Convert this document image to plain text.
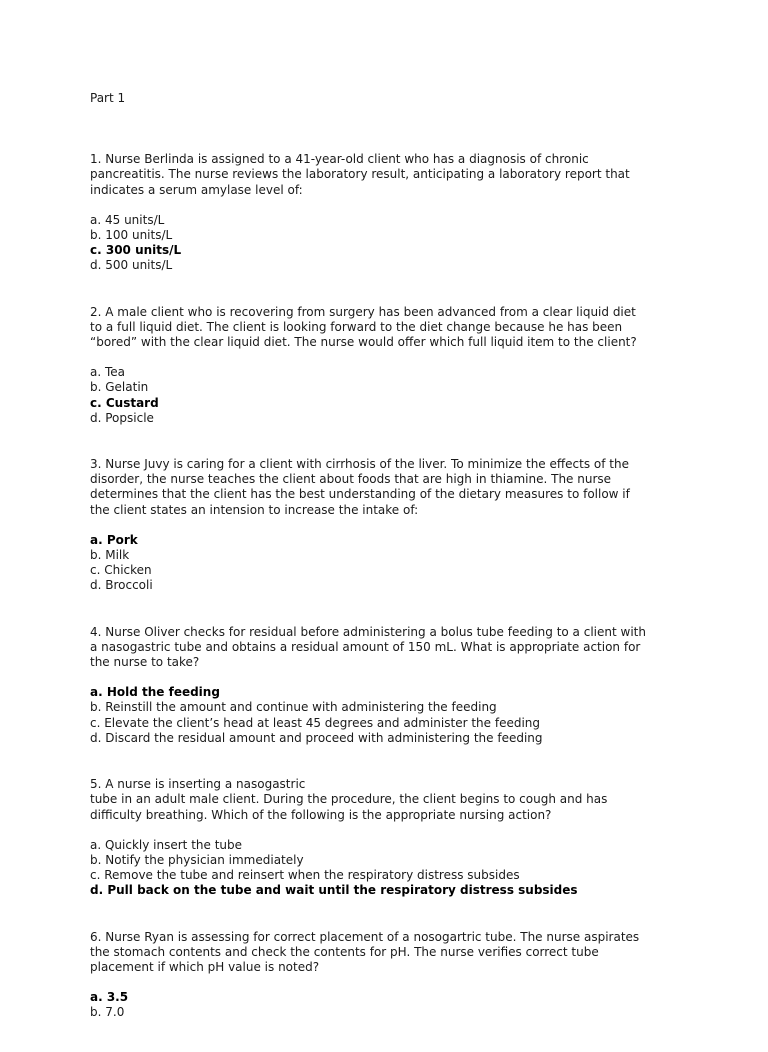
Part 1
1. Nurse Berlinda is assigned to a 41-year-old client who has a diagnosis of chronic
pancreatitis. The nurse reviews the laboratory result, anticipating a laboratory report that
indicates a serum amylase level of:
a. 45 units/L
b. 100 units/L
c. 300 units/L
d. 500 units/L
2. A male client who is recovering from surgery has been advanced from a clear liquid diet
to a full liquid diet. The client is looking forward to the diet change because he has been
“bored” with the clear liquid diet. The nurse would offer which full liquid item to the client?
a. Tea
b. Gelatin
c. Custard
d. Popsicle
3. Nurse Juvy is caring for a client with cirrhosis of the liver. To minimize the effects of the
disorder, the nurse teaches the client about foods that are high in thiamine. The nurse
determines that the client has the best understanding of the dietary measures to follow if
the client states an intension to increase the intake of:
a. Pork
b. Milk
c. Chicken
d. Broccoli
4. Nurse Oliver checks for residual before administering a bolus tube feeding to a client with
a nasogastric tube and obtains a residual amount of 150 mL. What is appropriate action for
the nurse to take?
a. Hold the feeding
b. Reinstill the amount and continue with administering the feeding
c. Elevate the client’s head at least 45 degrees and administer the feeding
d. Discard the residual amount and proceed with administering the feeding
5. A nurse is inserting a nasogastric
tube in an adult male client. During the procedure, the client begins to cough and has
difficulty breathing. Which of the following is the appropriate nursing action?
a. Quickly insert the tube
b. Notify the physician immediately
c. Remove the tube and reinsert when the respiratory distress subsides
d. Pull back on the tube and wait until the respiratory distress subsides
6. Nurse Ryan is assessing for correct placement of a nosogartric tube. The nurse aspirates
the stomach contents and check the contents for pH. The nurse verifies correct tube
placement if which pH value is noted?
a. 3.5
b. 7.0
